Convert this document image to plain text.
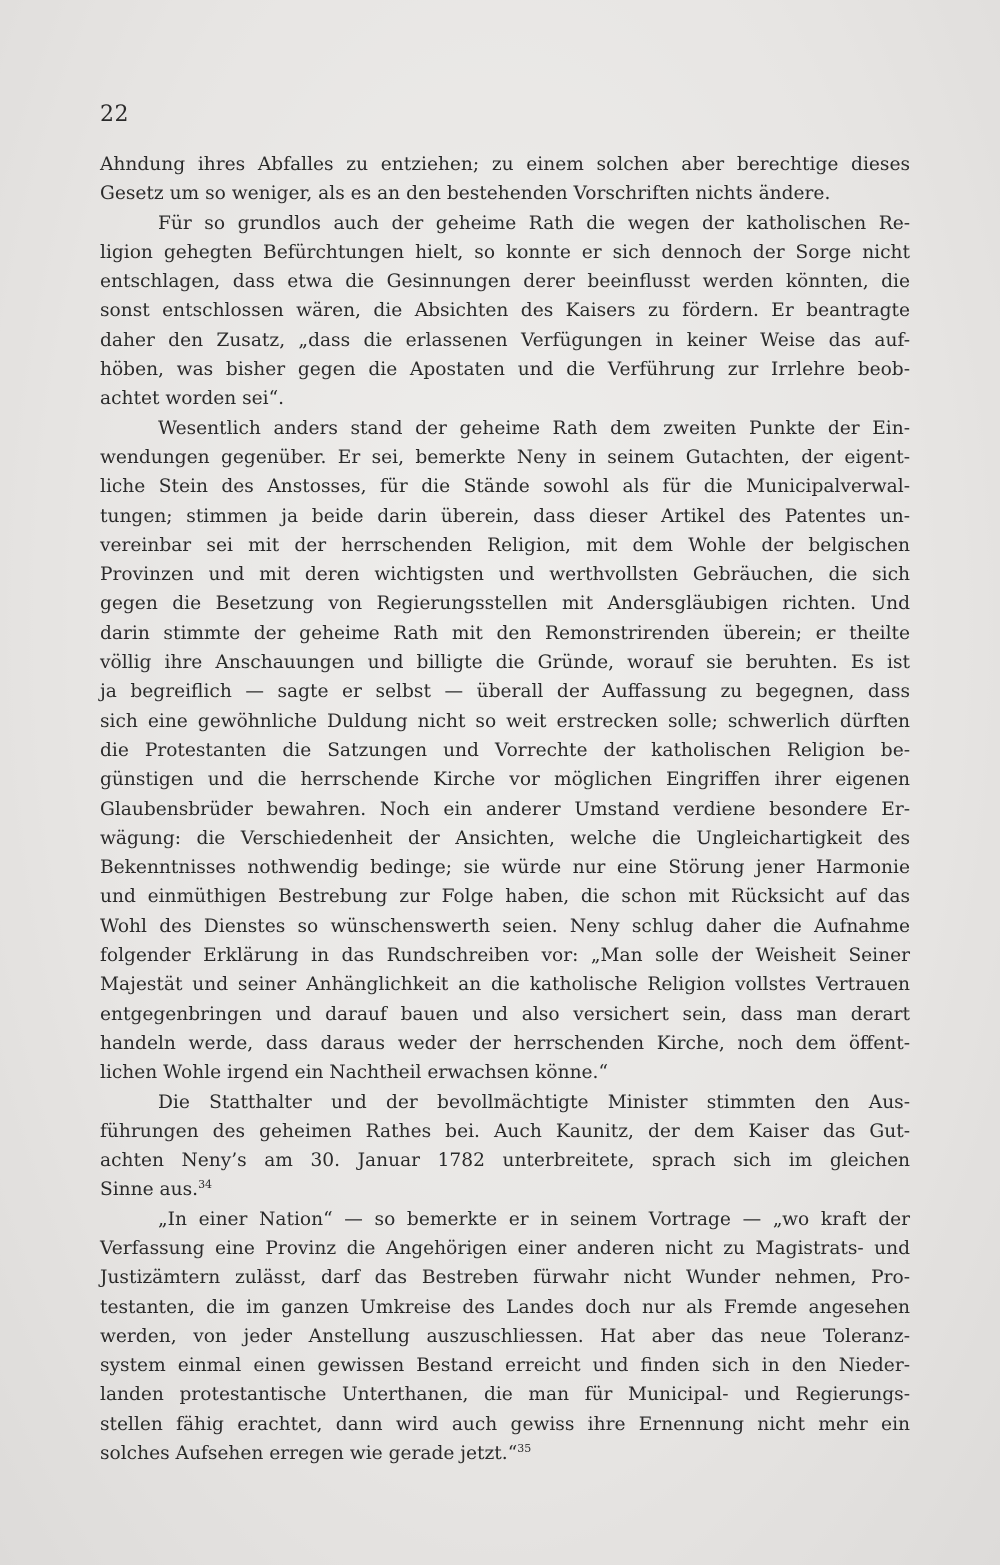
22
Ahndung ihres Abfalles zu entziehen; zu einem solchen aber berechtige dieses
Gesetz um so weniger, als es an den bestehenden Vorschriften nichts ändere.
Für so grundlos auch der geheime Rath die wegen der katholischen Re-
ligion gehegten Befürchtungen hielt, so konnte er sich dennoch der Sorge nicht
entschlagen, dass etwa die Gesinnungen derer beeinflusst werden könnten, die
sonst entschlossen wären, die Absichten des Kaisers zu fördern. Er beantragte
daher den Zusatz, „dass die erlassenen Verfügungen in keiner Weise das auf-
höben, was bisher gegen die Apostaten und die Verführung zur Irrlehre beob-
achtet worden sei“.
Wesentlich anders stand der geheime Rath dem zweiten Punkte der Ein-
wendungen gegenüber. Er sei, bemerkte Neny in seinem Gutachten, der eigent-
liche Stein des Anstosses, für die Stände sowohl als für die Municipalverwal-
tungen; stimmen ja beide darin überein, dass dieser Artikel des Patentes un-
vereinbar sei mit der herrschenden Religion, mit dem Wohle der belgischen
Provinzen und mit deren wichtigsten und werthvollsten Gebräuchen, die sich
gegen die Besetzung von Regierungsstellen mit Andersgläubigen richten. Und
darin stimmte der geheime Rath mit den Remonstrirenden überein; er theilte
völlig ihre Anschauungen und billigte die Gründe, worauf sie beruhten. Es ist
ja begreiflich — sagte er selbst — überall der Auffassung zu begegnen, dass
sich eine gewöhnliche Duldung nicht so weit erstrecken solle; schwerlich dürften
die Protestanten die Satzungen und Vorrechte der katholischen Religion be-
günstigen und die herrschende Kirche vor möglichen Eingriffen ihrer eigenen
Glaubensbrüder bewahren. Noch ein anderer Umstand verdiene besondere Er-
wägung: die Verschiedenheit der Ansichten, welche die Ungleichartigkeit des
Bekenntnisses nothwendig bedinge; sie würde nur eine Störung jener Harmonie
und einmüthigen Bestrebung zur Folge haben, die schon mit Rücksicht auf das
Wohl des Dienstes so wünschenswerth seien. Neny schlug daher die Aufnahme
folgender Erklärung in das Rundschreiben vor: „Man solle der Weisheit Seiner
Majestät und seiner Anhänglichkeit an die katholische Religion vollstes Vertrauen
entgegenbringen und darauf bauen und also versichert sein, dass man derart
handeln werde, dass daraus weder der herrschenden Kirche, noch dem öffent-
lichen Wohle irgend ein Nachtheil erwachsen könne.“
Die Statthalter und der bevollmächtigte Minister stimmten den Aus-
führungen des geheimen Rathes bei. Auch Kaunitz, der dem Kaiser das Gut-
achten Neny’s am 30. Januar 1782 unterbreitete, sprach sich im gleichen
Sinne aus.$^{34}$
„In einer Nation“ — so bemerkte er in seinem Vortrage — „wo kraft der
Verfassung eine Provinz die Angehörigen einer anderen nicht zu Magistrats- und
Justizämtern zulässt, darf das Bestreben fürwahr nicht Wunder nehmen, Pro-
testanten, die im ganzen Umkreise des Landes doch nur als Fremde angesehen
werden, von jeder Anstellung auszuschliessen. Hat aber das neue Toleranz-
system einmal einen gewissen Bestand erreicht und finden sich in den Nieder-
landen protestantische Unterthanen, die man für Municipal- und Regierungs-
stellen fähig erachtet, dann wird auch gewiss ihre Ernennung nicht mehr ein
solches Aufsehen erregen wie gerade jetzt.“$^{35}$
